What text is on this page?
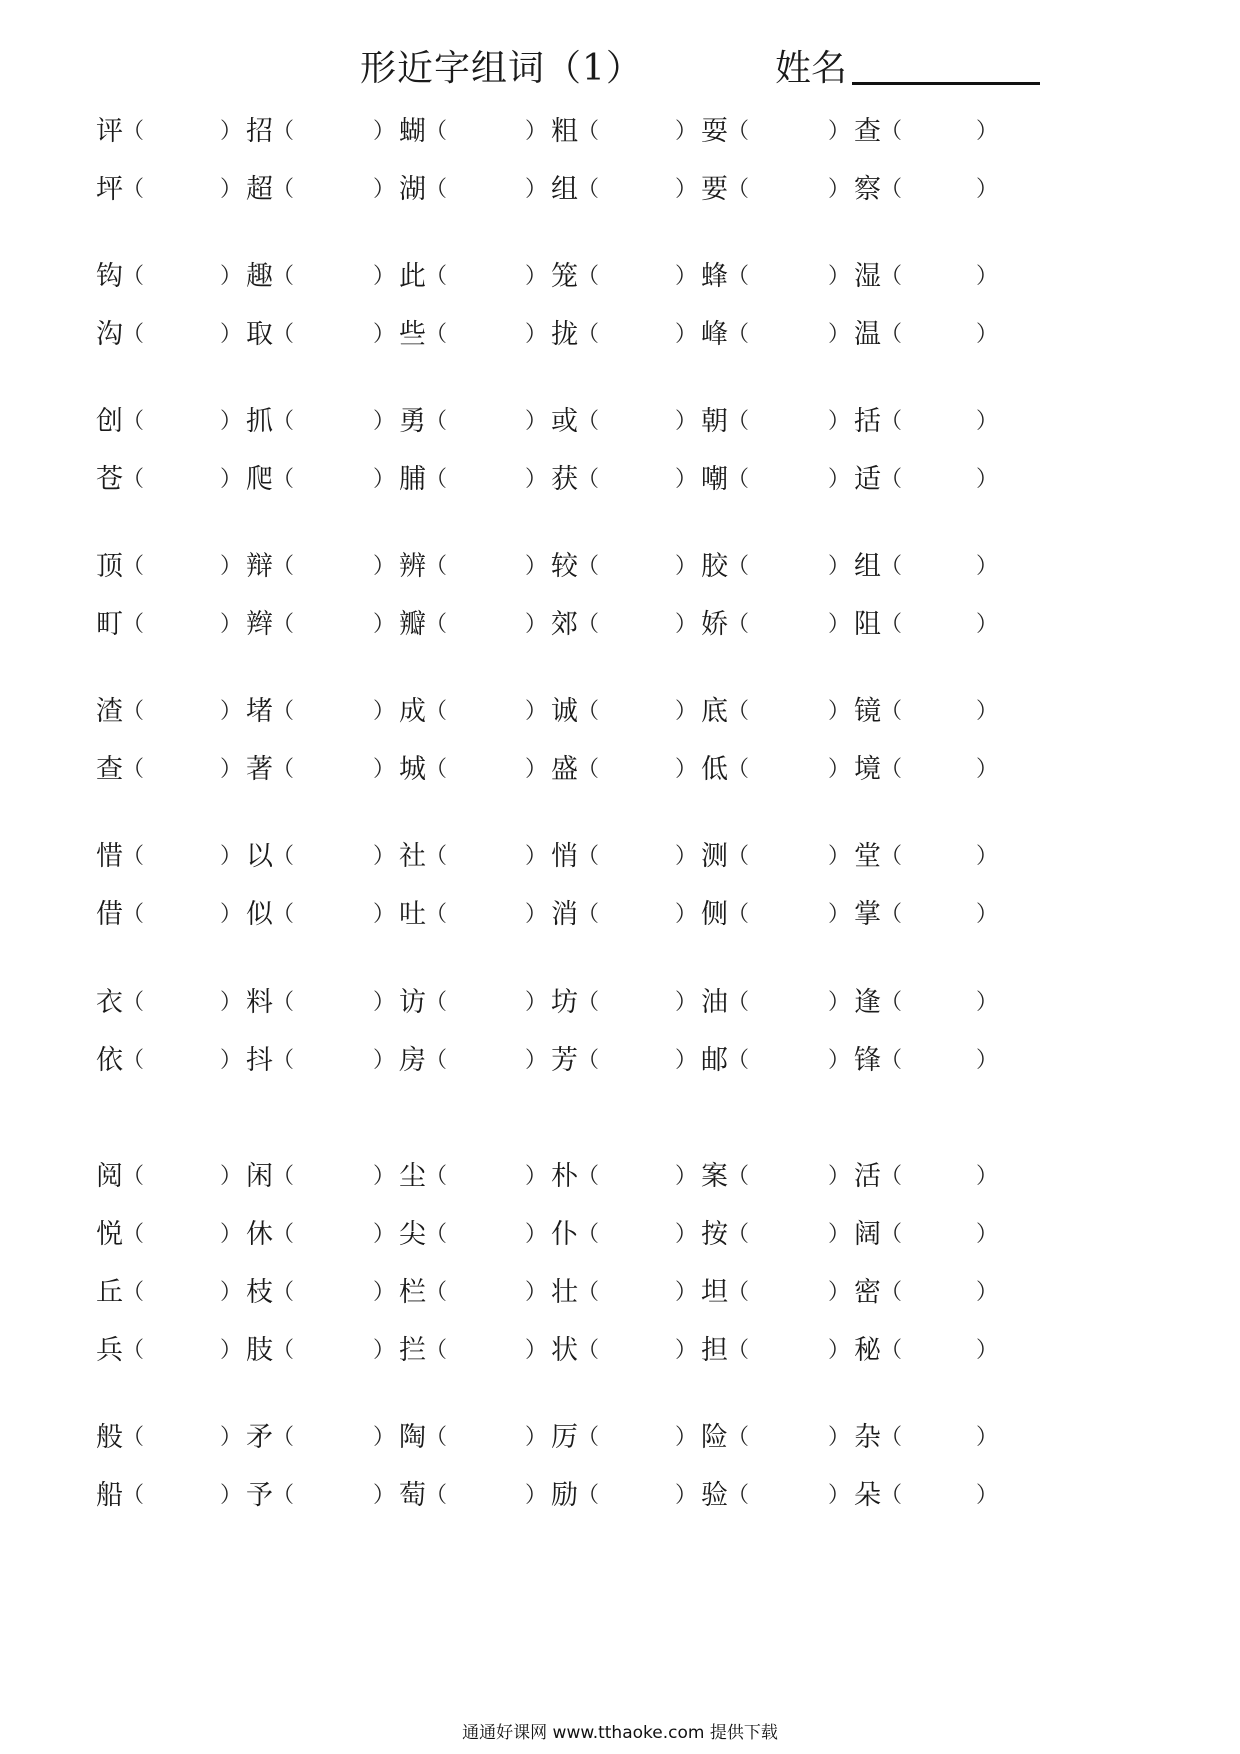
形近字组词（1）	姓名
评 （	） 招 （	） 蝴 （	） 粗 （	） 耍 （	） 查 （	）
坪 （	） 超 （	） 湖 （	） 组 （	） 要 （	） 察 （	）
钩 （	） 趣 （	） 此 （	） 笼 （	） 蜂 （	） 湿 （	）
沟 （	） 取 （	） 些 （	） 拢 （	） 峰 （	） 温 （	）
创 （	） 抓 （	） 勇 （	） 或 （	） 朝 （	） 括 （	）
苍 （	） 爬 （	） 脯 （	） 获 （	） 嘲 （	） 适 （	）
顶 （	） 辩 （	） 辨 （	） 较 （	） 胶 （	） 组 （	）
町 （	） 辫 （	） 瓣 （	） 郊 （	） 娇 （	） 阻 （	）
渣 （	） 堵 （	） 成 （	） 诚 （	） 底 （	） 镜 （	）
查 （	） 著 （	） 城 （	） 盛 （	） 低 （	） 境 （	）
惜 （	） 以 （	） 社 （	） 悄 （	） 测 （	） 堂 （	）
借 （	） 似 （	） 吐 （	） 消 （	） 侧 （	） 掌 （	）
衣 （	） 料 （	） 访 （	） 坊 （	） 油 （	） 逢 （	）
依 （	） 抖 （	） 房 （	） 芳 （	） 邮 （	） 锋 （	）
阅 （	） 闲 （	） 尘 （	） 朴 （	） 案 （	） 活 （	）
悦 （	） 休 （	） 尖 （	） 仆 （	） 按 （	） 阔 （	）
丘 （	） 枝 （	） 栏 （	） 壮 （	） 坦 （	） 密 （	）
兵 （	） 肢 （	） 拦 （	） 状 （	） 担 （	） 秘 （	）
般 （	） 矛 （	） 陶 （	） 厉 （	） 险 （	） 杂 （	）
船 （	） 予 （	） 萄 （	） 励 （	） 验 （	） 朵 （	）
通通好课网 www.tthaoke.com 提供下载
